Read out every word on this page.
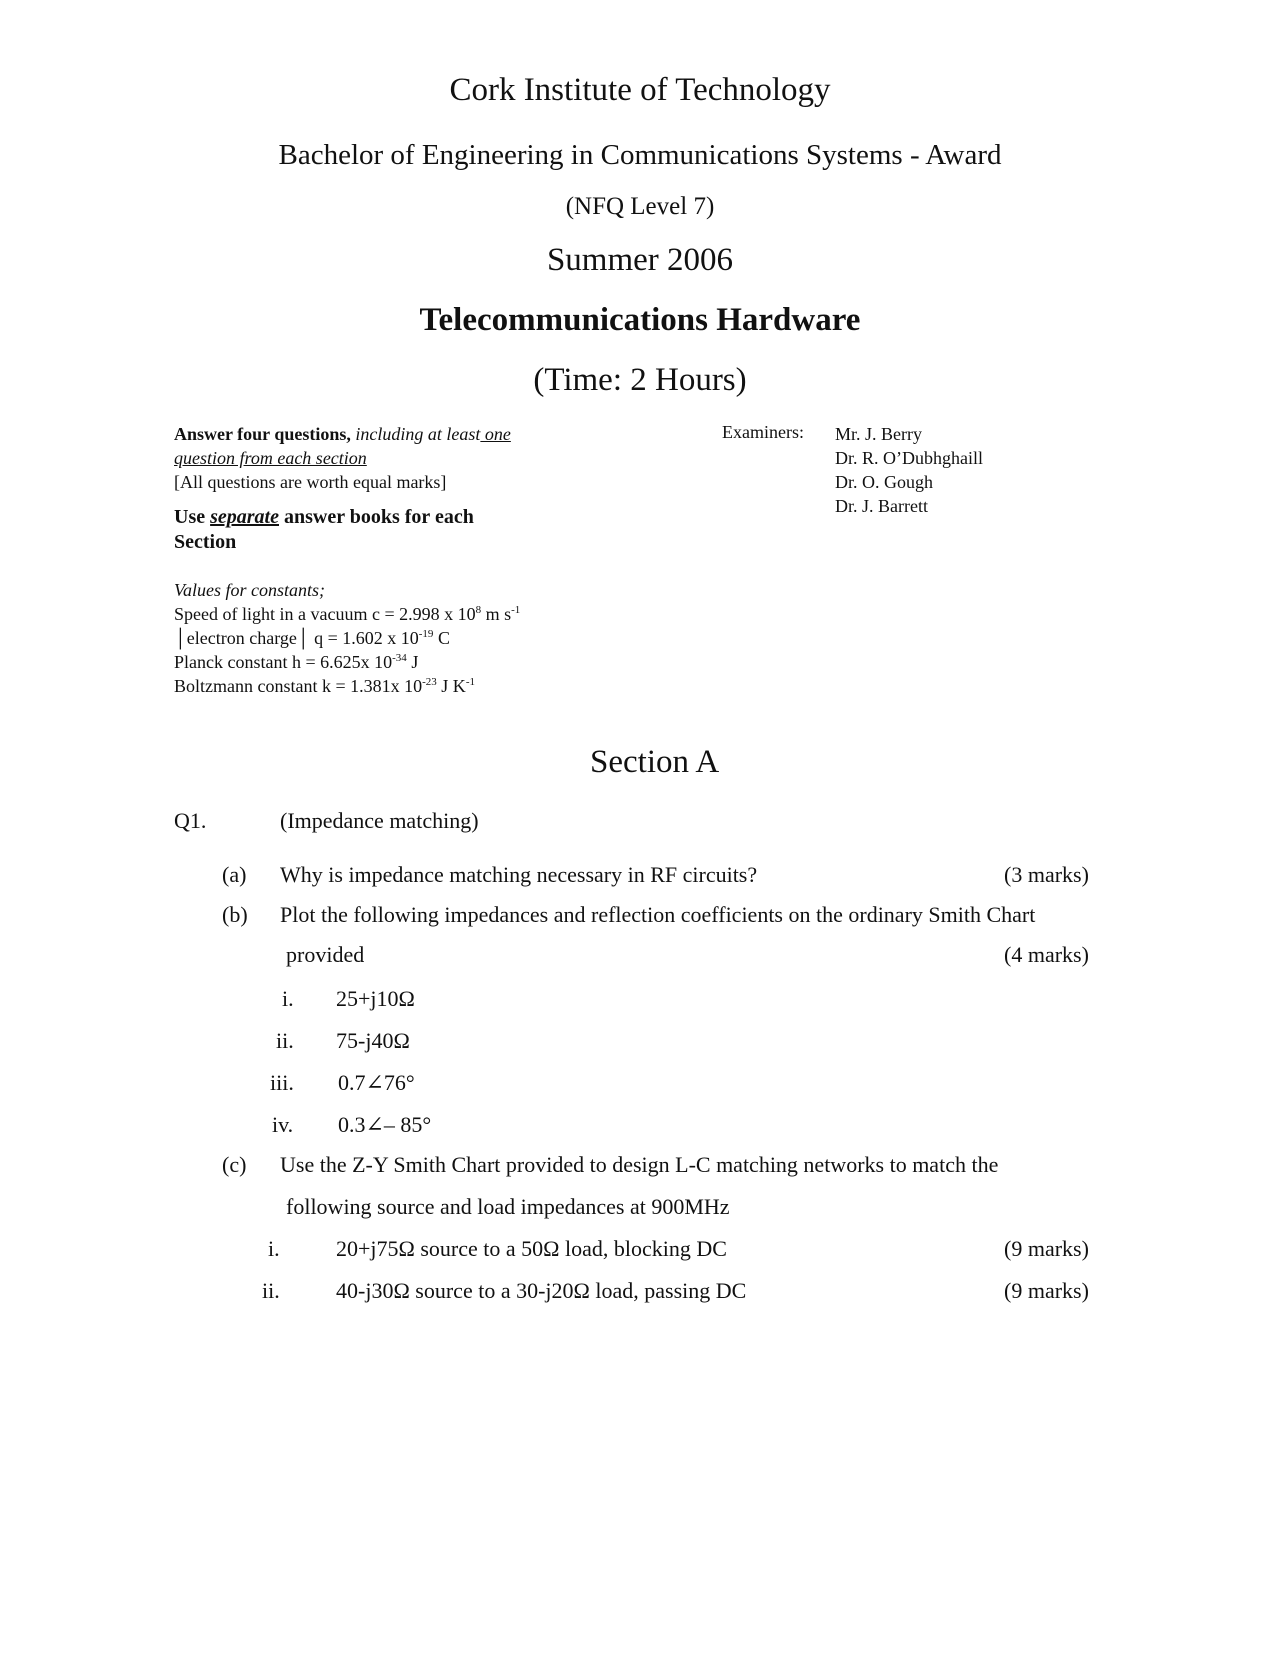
Cork Institute of Technology
Bachelor of Engineering in Communications Systems - Award
(NFQ Level 7)
Summer 2006
Telecommunications Hardware
(Time: 2 Hours)
Answer four questions, including at least one
question from each section
[All questions are worth equal marks]
Use separate answer books for each
Section
Examiners: Mr. J. Berry
Dr. R. O’Dubhghaill
Dr. O. Gough
Dr. J. Barrett
Values for constants;
Speed of light in a vacuum c = 2.998 x $10^8$ m $s^{-1}$
│electron charge│ q = 1.602 x $10^{-19}$ C
Planck constant h = 6.625x $10^{-34}$ J
Boltzmann constant k = 1.381x $10^{-23}$ J $K^{-1}$
Section A
Q1.	(Impedance matching)
(a) Why is impedance matching necessary in RF circuits?	(3 marks)
(b) Plot the following impedances and reflection coefficients on the ordinary Smith Chart
provided	(4 marks)
i. 25+j10Ω
ii. 75-j40Ω
iii. 0.7∠76°
iv. 0.3∠– 85°
(c) Use the Z-Y Smith Chart provided to design L-C matching networks to match the
following source and load impedances at 900MHz
i.	20+j75Ω source to a 50Ω load, blocking DC	(9 marks)
ii.	40-j30Ω source to a 30-j20Ω load, passing DC	(9 marks)
